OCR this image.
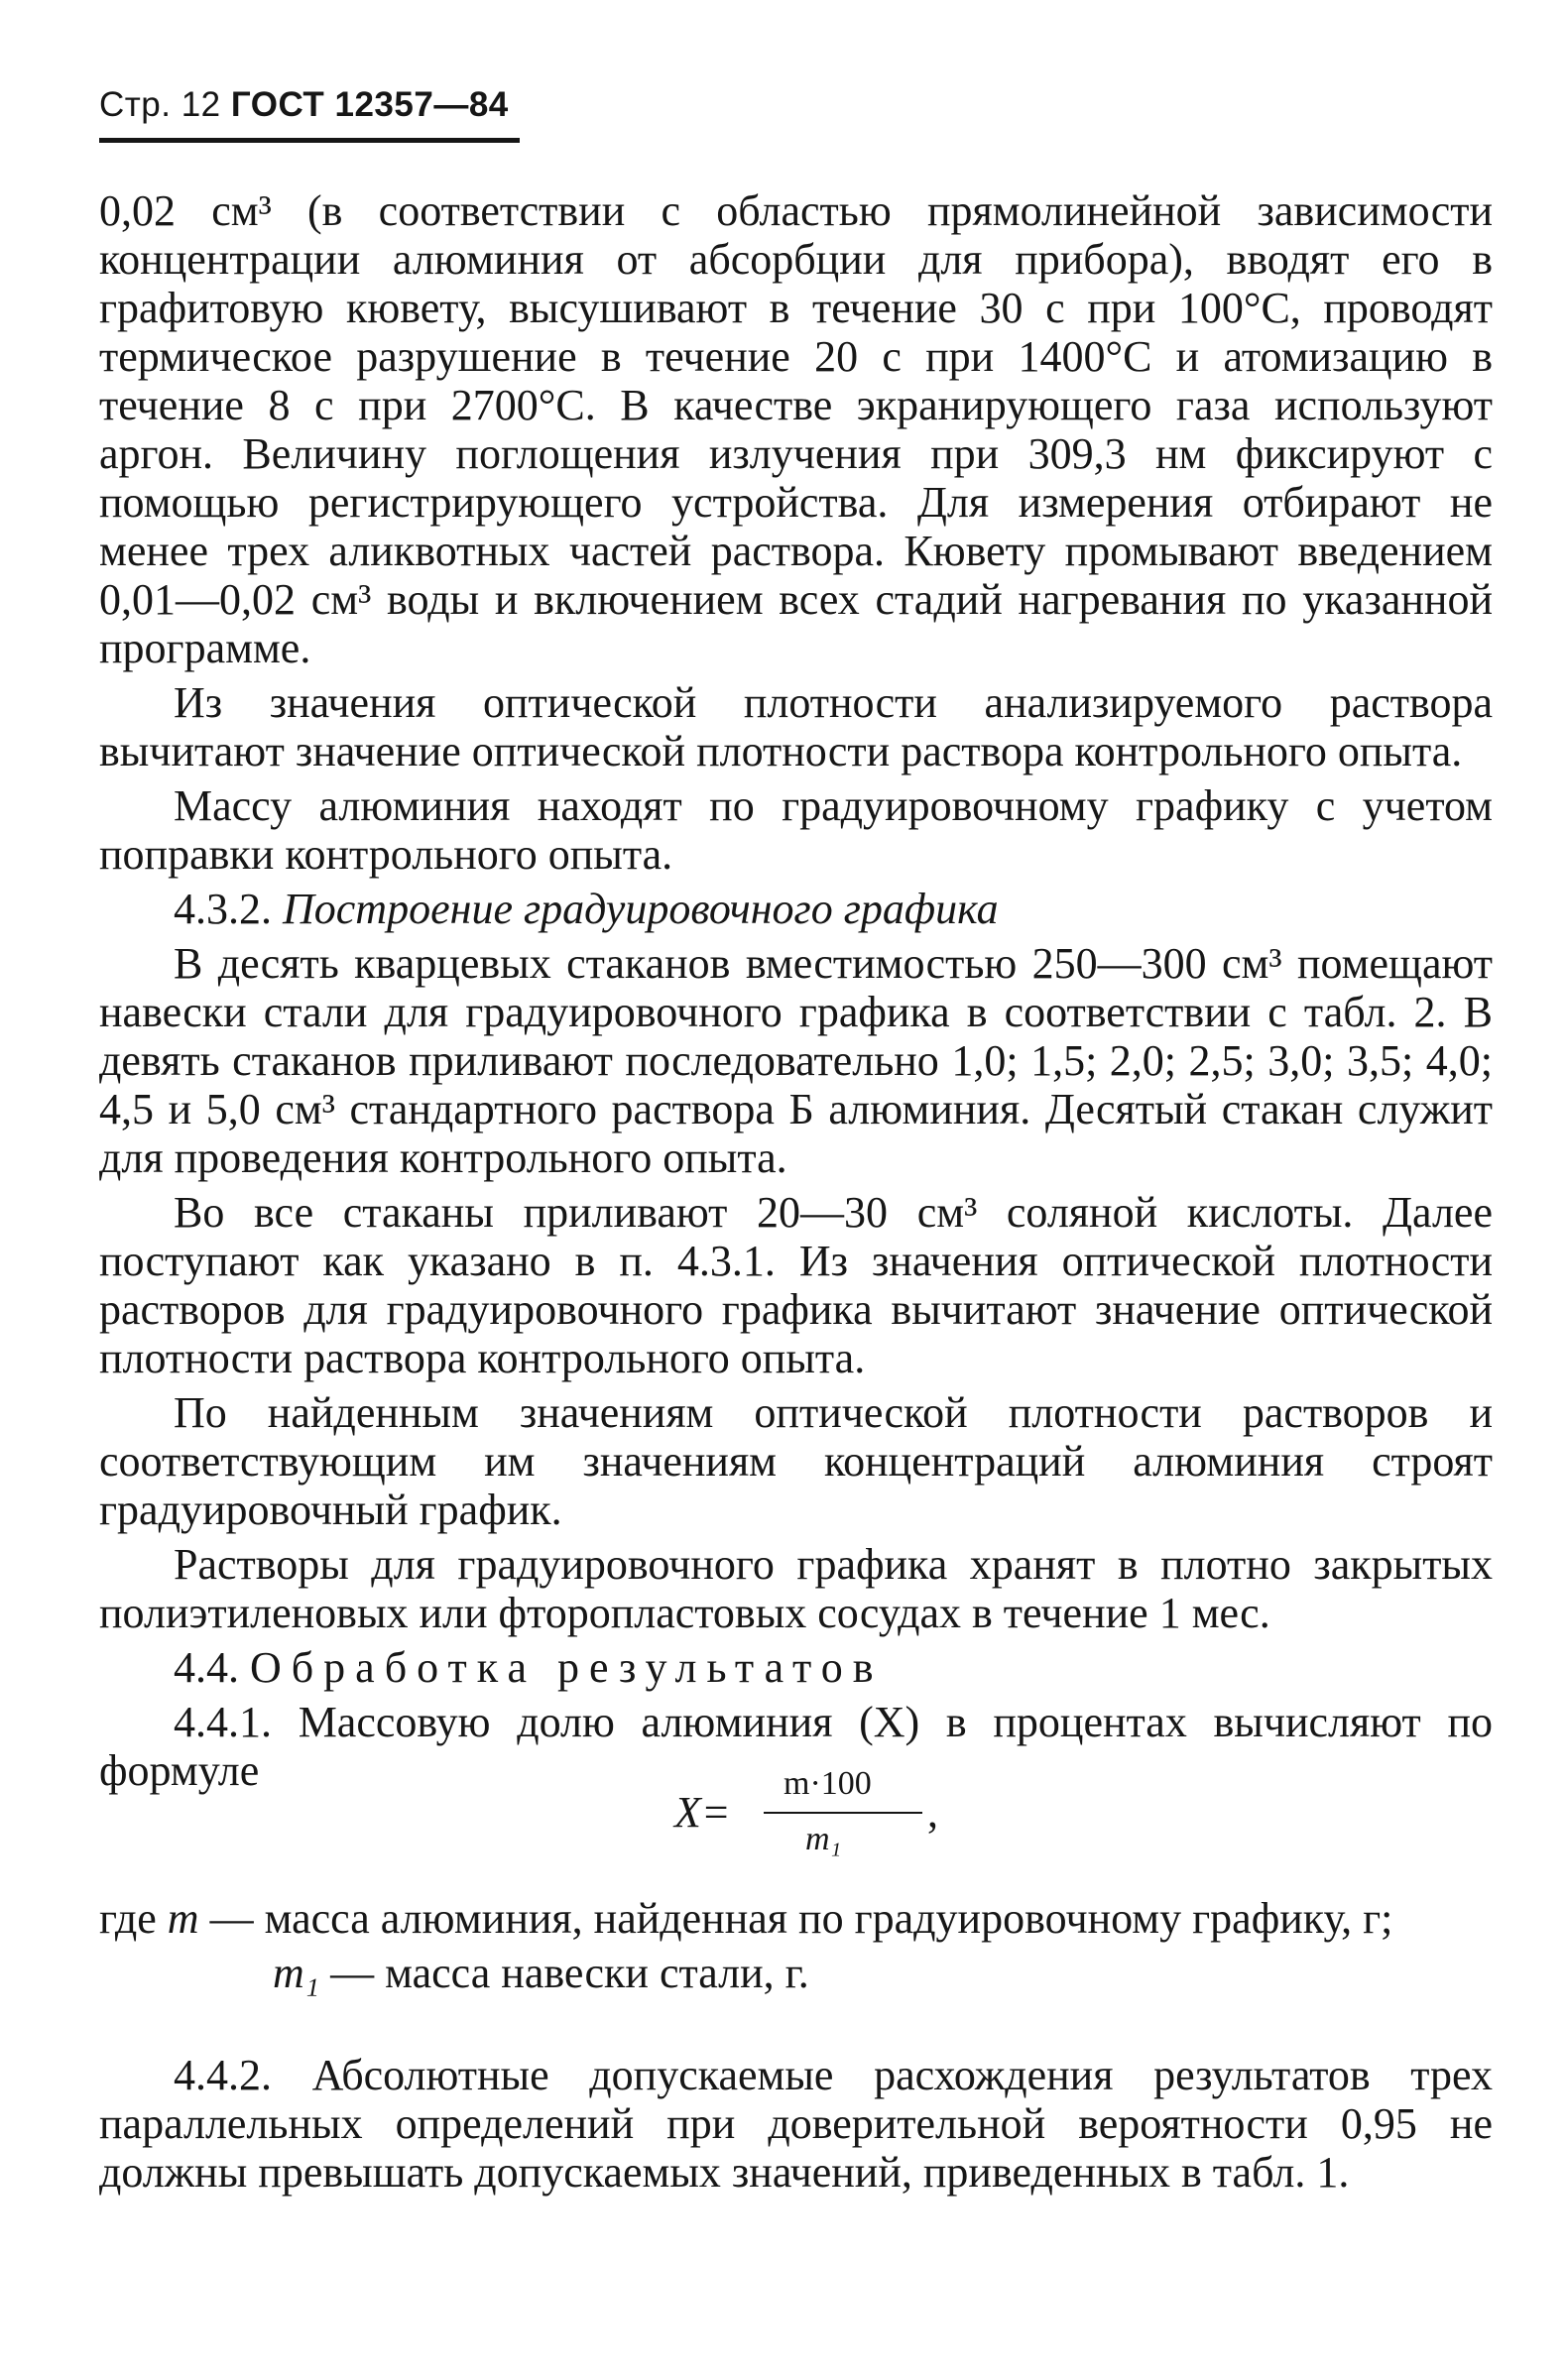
Стр. 12 ГОСТ 12357—84

0,02 см³ (в соответствии с областью прямолинейной зависимости концентрации алюминия от абсорбции для прибора), вводят его в графитовую кювету, высушивают в течение 30 с при 100°С, проводят термическое разрушение в течение 20 с при 1400°С и атомизацию в течение 8 с при 2700°С. В качестве экранирующего газа используют аргон. Величину поглощения излучения при 309,3 нм фиксируют с помощью регистрирующего устройства. Для измерения отбирают не менее трех аликвотных частей раствора. Кювету промывают введением 0,01—0,02 см³ воды и включением всех стадий нагревания по указанной программе.

Из значения оптической плотности анализируемого раствора вычитают значение оптической плотности раствора контрольного опыта.

Массу алюминия находят по градуировочному графику с учетом поправки контрольного опыта.

4.3.2. Построение градуировочного графика

В десять кварцевых стаканов вместимостью 250—300 см³ помещают навески стали для градуировочного графика в соответствии с табл. 2. В девять стаканов приливают последовательно 1,0; 1,5; 2,0; 2,5; 3,0; 3,5; 4,0; 4,5 и 5,0 см³ стандартного раствора Б алюминия. Десятый стакан служит для проведения контрольного опыта.

Во все стаканы приливают 20—30 см³ соляной кислоты. Далее поступают как указано в п. 4.3.1. Из значения оптической плотности растворов для градуировочного графика вычитают значение оптической плотности раствора контрольного опыта.

По найденным значениям оптической плотности растворов и соответствующим им значениям концентраций алюминия строят градуировочный график.

Растворы для градуировочного графика хранят в плотно закрытых полиэтиленовых или фторопластовых сосудах в течение 1 мес.

4.4. Обработка результатов

4.4.1. Массовую долю алюминия (X) в процентах вычисляют по формуле

X=
m·100
m₁
,
где
m
— масса алюминия, найденная по градуировочному графику, г;
m₁
— масса навески стали, г.

4.4.2. Абсолютные допускаемые расхождения результатов трех параллельных определений при доверительной вероятности 0,95 не должны превышать допускаемых значений, приведенных в табл. 1.
